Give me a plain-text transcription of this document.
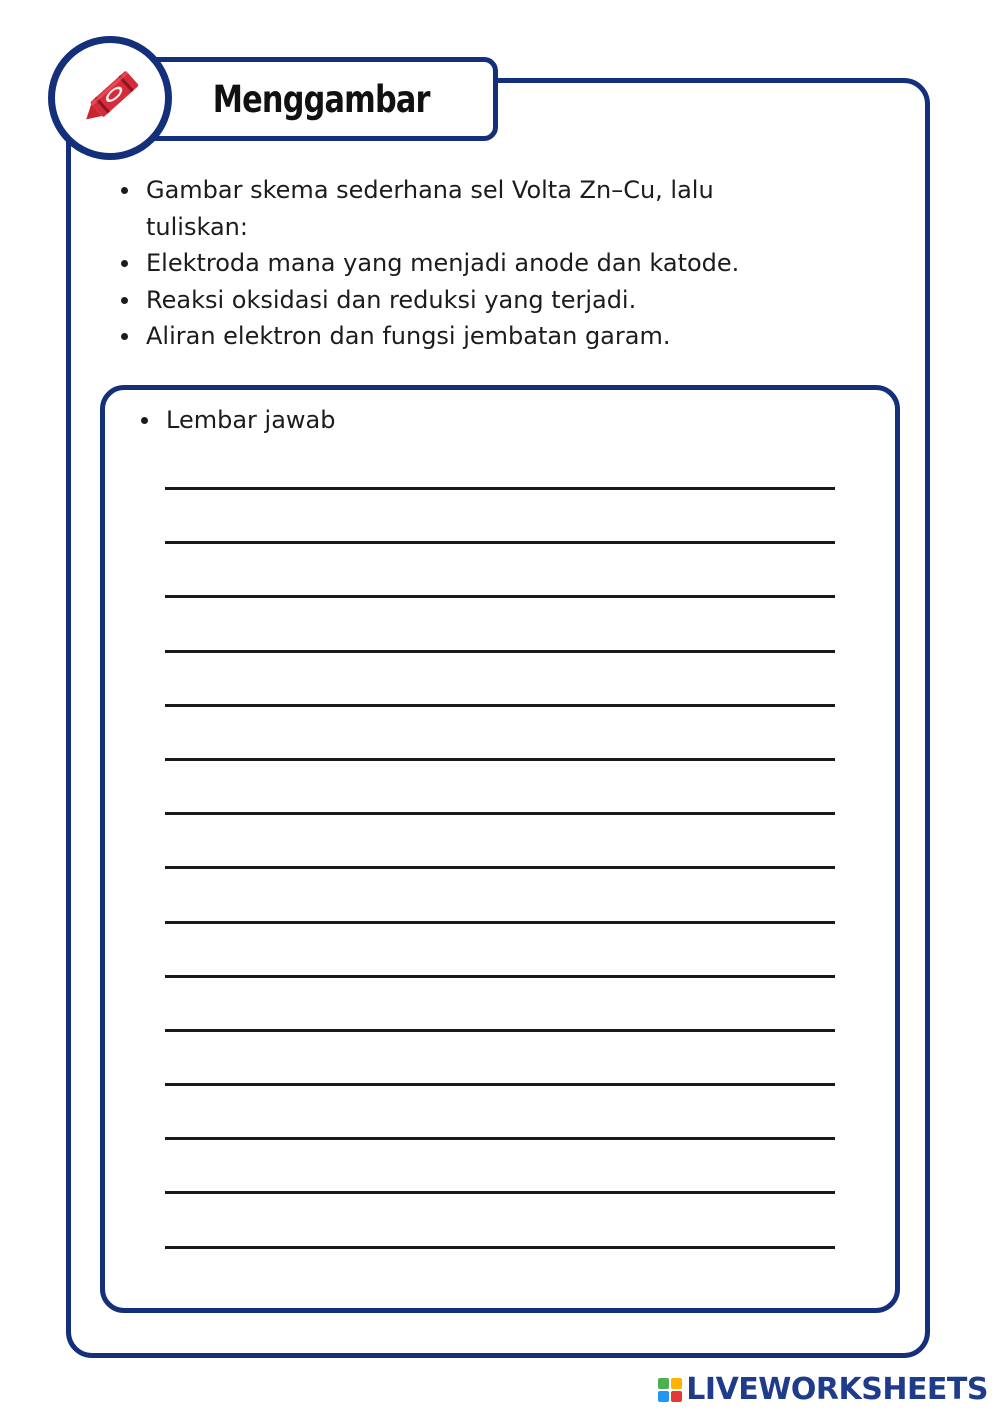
Menggambar
Gambar skema sederhana sel Volta Zn–Cu, lalu tuliskan:
Elektroda mana yang menjadi anode dan katode.
Reaksi oksidasi dan reduksi yang terjadi.
Aliran elektron dan fungsi jembatan garam.
Lembar jawab
LIVEWORKSHEETS
